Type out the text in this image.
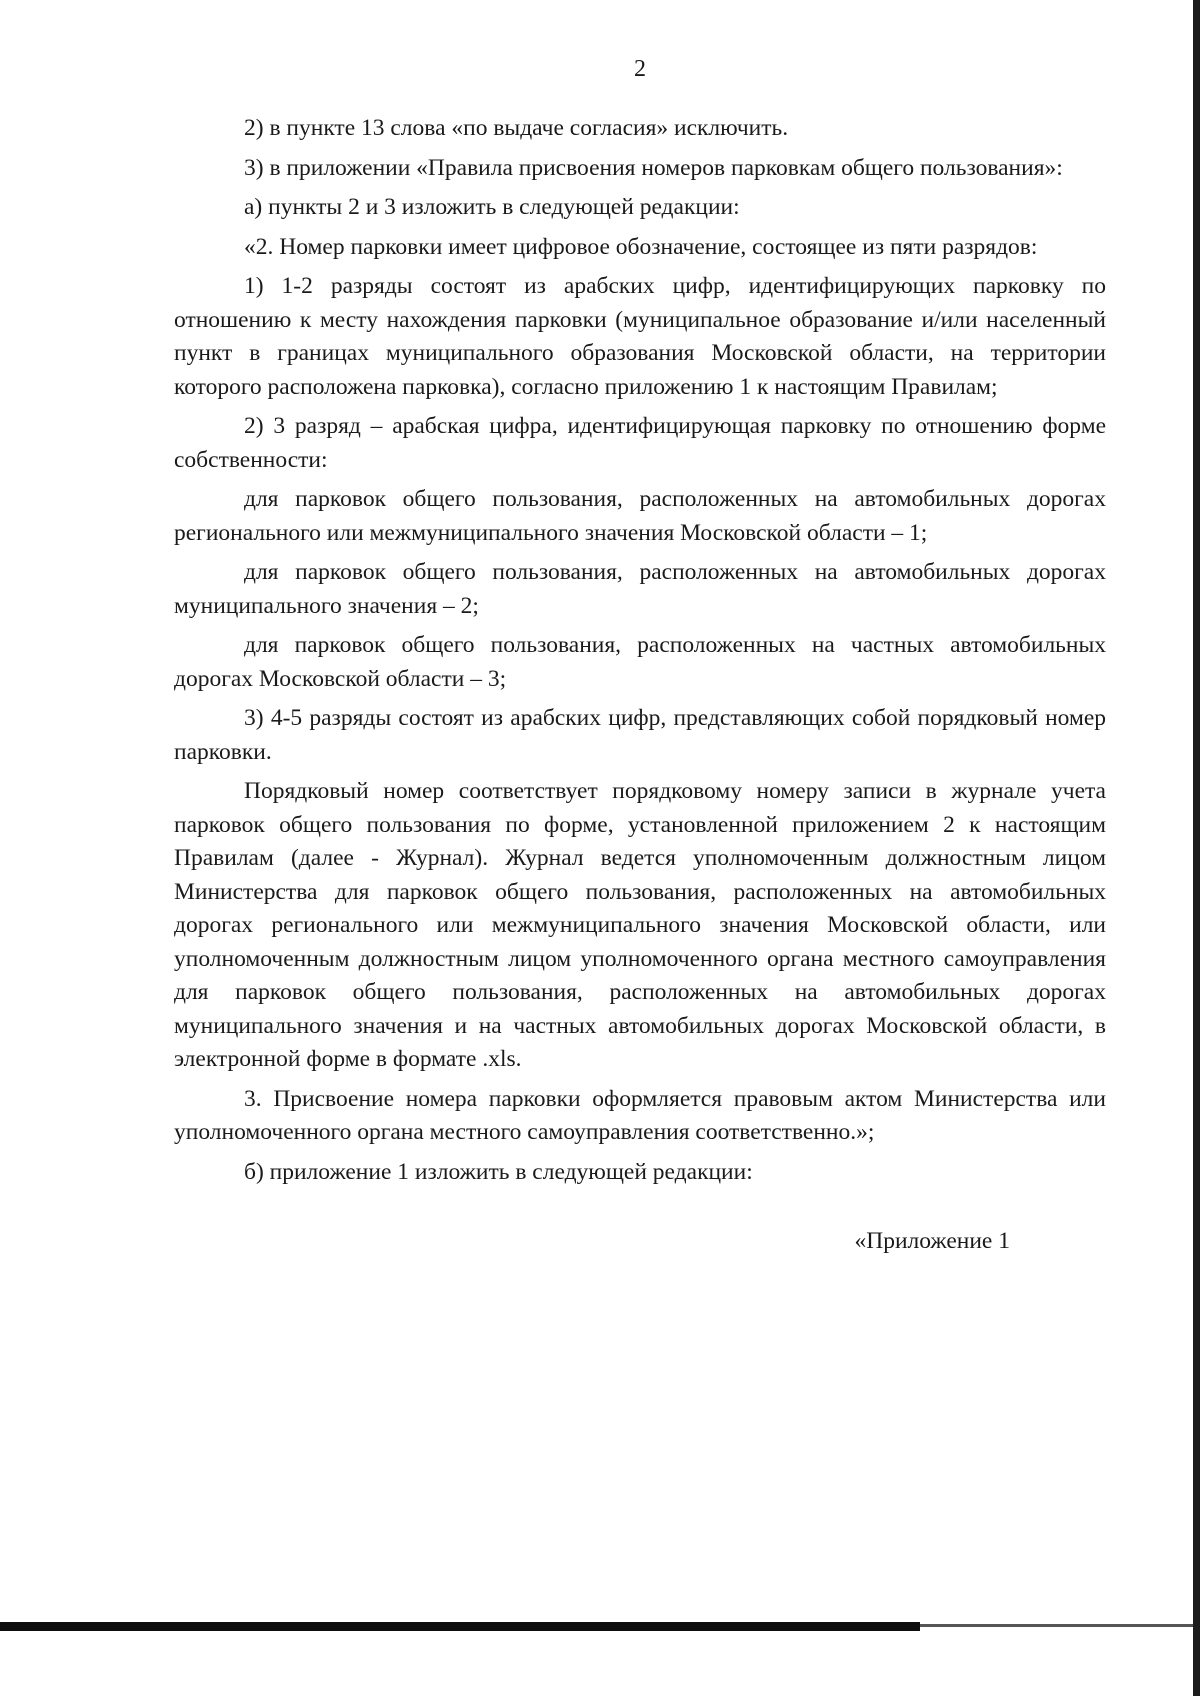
2

2) в пункте 13 слова «по выдаче согласия» исключить.

3) в приложении «Правила присвоения номеров парковкам общего пользования»:

а) пункты 2 и 3 изложить в следующей редакции:

«2. Номер парковки имеет цифровое обозначение, состоящее из пяти разрядов:

1) 1-2 разряды состоят из арабских цифр, идентифицирующих парковку по отношению к месту нахождения парковки (муниципальное образование и/или населенный пункт в границах муниципального образования Московской области, на территории которого расположена парковка), согласно приложению 1 к настоящим Правилам;

2) 3 разряд – арабская цифра, идентифицирующая парковку по отношению форме собственности:

для парковок общего пользования, расположенных на автомобильных дорогах регионального или межмуниципального значения Московской области – 1;

для парковок общего пользования, расположенных на автомобильных дорогах муниципального значения – 2;

для парковок общего пользования, расположенных на частных автомобильных дорогах Московской области – 3;

3) 4-5 разряды состоят из арабских цифр, представляющих собой порядковый номер парковки.

Порядковый номер соответствует порядковому номеру записи в журнале учета парковок общего пользования по форме, установленной приложением 2 к настоящим Правилам (далее - Журнал). Журнал ведется уполномоченным должностным лицом Министерства для парковок общего пользования, расположенных на автомобильных дорогах регионального или межмуниципального значения Московской области, или уполномоченным должностным лицом уполномоченного органа местного самоуправления для парковок общего пользования, расположенных на автомобильных дорогах муниципального значения и на частных автомобильных дорогах Московской области, в электронной форме в формате .xls.

3. Присвоение номера парковки оформляется правовым актом Министерства или уполномоченного органа местного самоуправления соответственно.»;

б) приложение 1 изложить в следующей редакции:

«Приложение 1
